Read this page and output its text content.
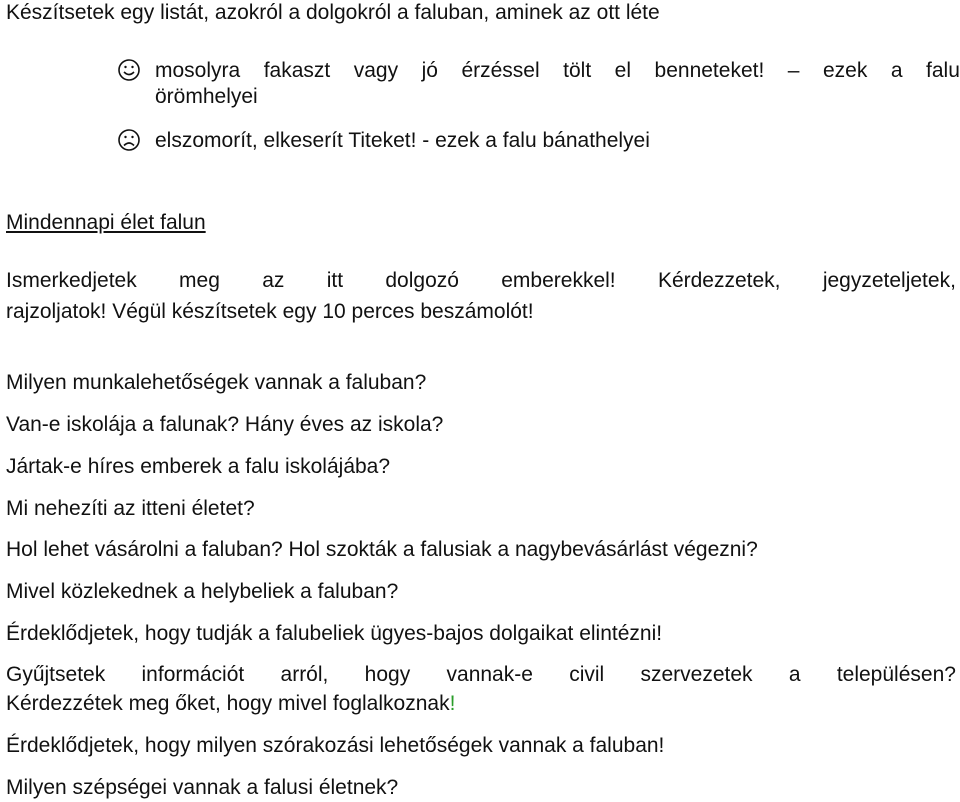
Készítsetek egy listát, azokról a dolgokról a faluban, aminek az ott léte
mosolyra fakaszt vagy jó érzéssel tölt el benneteket! – ezek a falu
örömhelyei
elszomorít, elkeserít Titeket! - ezek a falu bánathelyei
Mindennapi élet falun
Ismerkedjetek meg az itt dolgozó emberekkel! Kérdezzetek, jegyzeteljetek,
rajzoljatok! Végül készítsetek egy 10 perces beszámolót!
Milyen munkalehetőségek vannak a faluban?
Van-e iskolája a falunak? Hány éves az iskola?
Jártak-e híres emberek a falu iskolájába?
Mi nehezíti az itteni életet?
Hol lehet vásárolni a faluban? Hol szokták a falusiak a nagybevásárlást végezni?
Mivel közlekednek a helybeliek a faluban?
Érdeklődjetek, hogy tudják a falubeliek ügyes-bajos dolgaikat elintézni!
Gyűjtsetek információt arról, hogy vannak-e civil szervezetek a településen?
Kérdezzétek meg őket, hogy mivel foglalkoznak!
Érdeklődjetek, hogy milyen szórakozási lehetőségek vannak a faluban!
Milyen szépségei vannak a falusi életnek?
